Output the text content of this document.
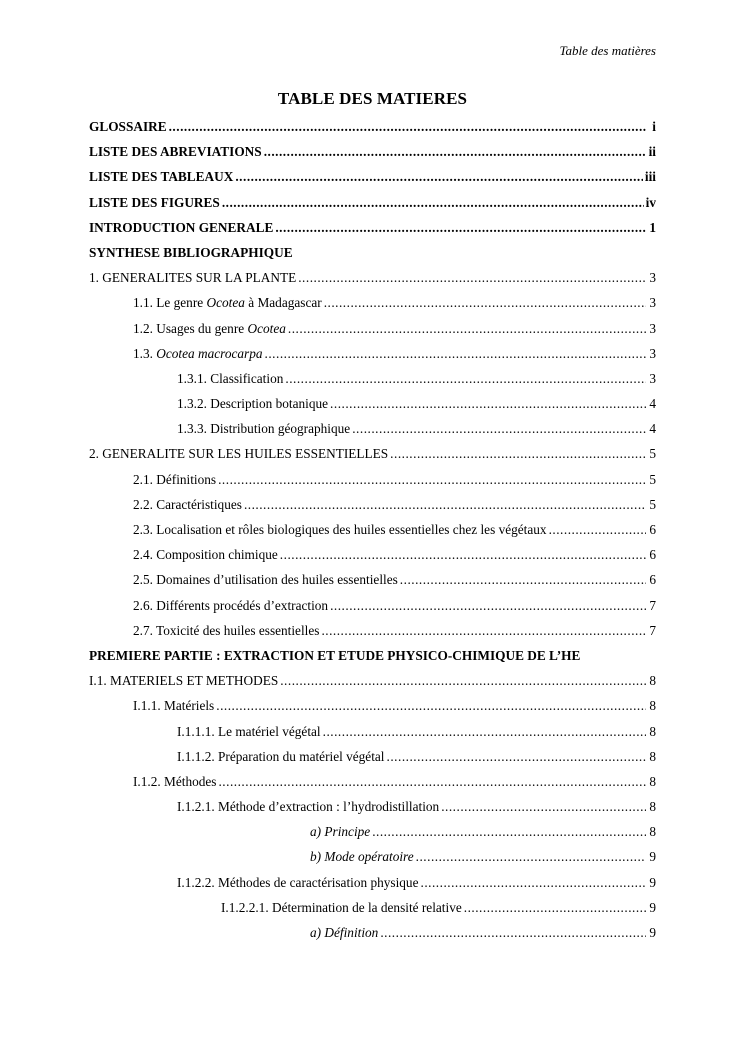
Table des matières
TABLE DES MATIERES
GLOSSAIRE .....	i
LISTE DES ABREVIATIONS .....	ii
LISTE DES TABLEAUX .....	iii
LISTE DES FIGURES .....	iv
INTRODUCTION GENERALE .....	1
SYNTHESE BIBLIOGRAPHIQUE
1. GENERALITES SUR LA PLANTE .....	3
1.1. Le genre Ocotea à Madagascar .....	3
1.2. Usages du genre Ocotea .....	3
1.3. Ocotea macrocarpa .....	3
1.3.1. Classification .....	3
1.3.2. Description botanique .....	4
1.3.3. Distribution géographique .....	4
2. GENERALITE SUR LES HUILES ESSENTIELLES .....	5
2.1. Définitions .....	5
2.2. Caractéristiques .....	5
2.3. Localisation et rôles biologiques des huiles essentielles chez les végétaux .....	6
2.4. Composition chimique .....	6
2.5. Domaines d’utilisation des huiles essentielles .....	6
2.6. Différents procédés d’extraction .....	7
2.7. Toxicité des huiles essentielles .....	7
PREMIERE PARTIE : EXTRACTION ET ETUDE PHYSICO-CHIMIQUE DE L’HE
I.1. MATERIELS ET METHODES .....	8
I.1.1. Matériels .....	8
I.1.1.1. Le matériel végétal .....	8
I.1.1.2. Préparation du matériel végétal .....	8
I.1.2. Méthodes .....	8
I.1.2.1. Méthode d’extraction : l’hydrodistillation .....	8
a) Principe .....	8
b) Mode opératoire .....	9
I.1.2.2. Méthodes de caractérisation physique .....	9
I.1.2.2.1. Détermination de la densité relative .....	9
a) Définition .....	9
